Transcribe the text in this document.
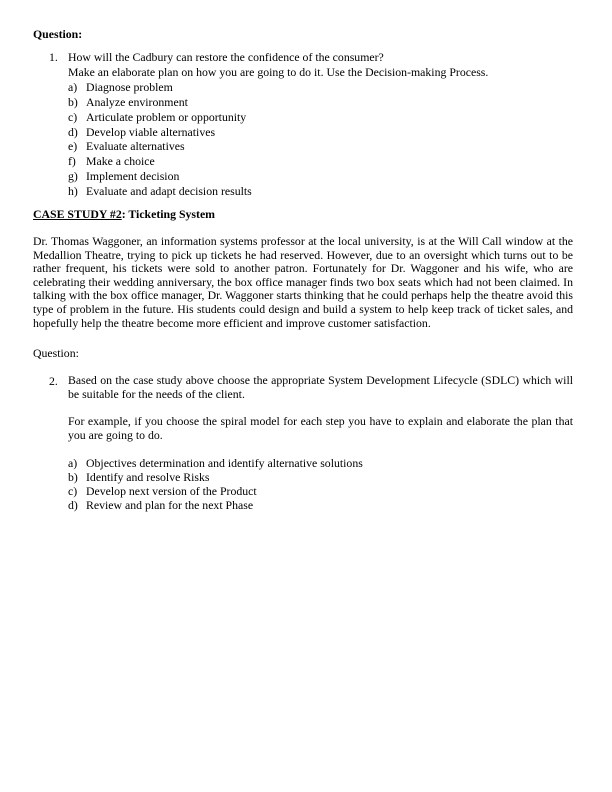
Question:
1. How will the Cadbury can restore the confidence of the consumer?
Make an elaborate plan on how you are going to do it. Use the Decision-making Process.
a) Diagnose problem
b) Analyze environment
c) Articulate problem or opportunity
d) Develop viable alternatives
e) Evaluate alternatives
f) Make a choice
g) Implement decision
h) Evaluate and adapt decision results
CASE STUDY #2: Ticketing System
Dr. Thomas Waggoner, an information systems professor at the local university, is at the Will Call window at the Medallion Theatre, trying to pick up tickets he had reserved. However, due to an oversight which turns out to be rather frequent, his tickets were sold to another patron. Fortunately for Dr. Waggoner and his wife, who are celebrating their wedding anniversary, the box office manager finds two box seats which had not been claimed. In talking with the box office manager, Dr. Waggoner starts thinking that he could perhaps help the theatre avoid this type of problem in the future. His students could design and build a system to help keep track of ticket sales, and hopefully help the theatre become more efficient and improve customer satisfaction.
Question:
2. Based on the case study above choose the appropriate System Development Lifecycle (SDLC) which will be suitable for the needs of the client.
For example, if you choose the spiral model for each step you have to explain and elaborate the plan that you are going to do.
a) Objectives determination and identify alternative solutions
b) Identify and resolve Risks
c) Develop next version of the Product
d) Review and plan for the next Phase
